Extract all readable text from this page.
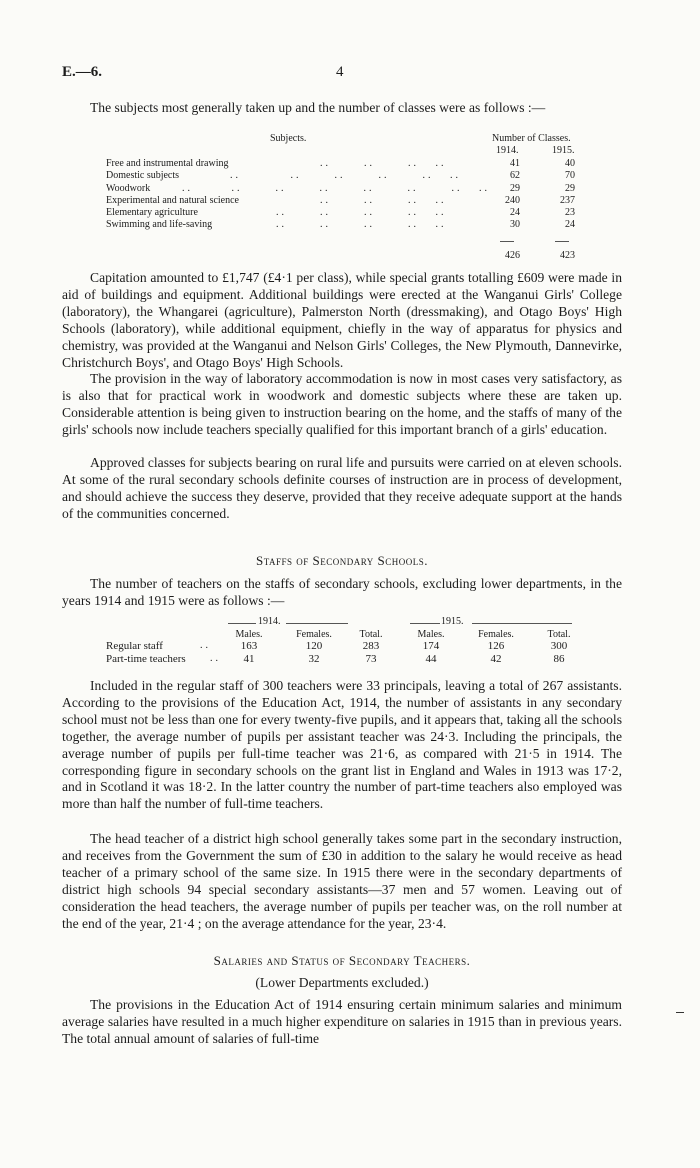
E.—6.	4

The subjects most generally taken up and the number of classes were as follows :—

Subjects.	Number of Classes.
1914.	1915.
Free and instrumental drawing	..      ..      ..   ..	41	40
Domestic subjects	..         ..      ..      ..      ..   ..	62	70
Woodwork	..       ..      ..      ..      ..      ..      ..   ..	29	29
Experimental and natural science	..      ..      ..   ..	240	237
Elementary agriculture	..      ..      ..      ..   ..	24	23
Swimming and life-saving	..      ..      ..      ..   ..	30	24
426	423

Capitation amounted to £1,747 (£4·1 per class), while special grants totalling £609 were made in aid of buildings and equipment. Additional buildings were erected at the Wanganui Girls' College (laboratory), the Whangarei (agriculture), Palmerston North (dressmaking), and Otago Boys' High Schools (laboratory), while additional equipment, chiefly in the way of apparatus for physics and chemistry, was provided at the Wanganui and Nelson Girls' Colleges, the New Plymouth, Dannevirke, Christchurch Boys', and Otago Boys' High Schools.

The provision in the way of laboratory accommodation is now in most cases very satisfactory, as is also that for practical work in woodwork and domestic subjects where these are taken up. Considerable attention is being given to instruction bearing on the home, and the staffs of many of the girls' schools now include teachers specially qualified for this important branch of a girls' education.

Approved classes for subjects bearing on rural life and pursuits were carried on at eleven schools. At some of the rural secondary schools definite courses of instruction are in process of development, and should achieve the success they deserve, provided that they receive adequate support at the hands of the communities concerned.

Staffs of Secondary Schools.

The number of teachers on the staffs of secondary schools, excluding lower departments, in the years 1914 and 1915 were as follows :—

1914.	1915.
Males.	Females.	Total.	Males.	Females.	Total.
Regular staff	..	163	120	283	174	126	300
Part-time teachers ..	41	32	73	44	42	86

Included in the regular staff of 300 teachers were 33 principals, leaving a total of 267 assistants. According to the provisions of the Education Act, 1914, the number of assistants in any secondary school must not be less than one for every twenty-five pupils, and it appears that, taking all the schools together, the average number of pupils per assistant teacher was 24·3. Including the principals, the average number of pupils per full-time teacher was 21·6, as compared with 21·5 in 1914. The corresponding figure in secondary schools on the grant list in England and Wales in 1913 was 17·2, and in Scotland it was 18·2. In the latter country the number of part-time teachers also employed was more than half the number of full-time teachers.

The head teacher of a district high school generally takes some part in the secondary instruction, and receives from the Government the sum of £30 in addition to the salary he would receive as head teacher of a primary school of the same size. In 1915 there were in the secondary departments of district high schools 94 special secondary assistants—37 men and 57 women. Leaving out of consideration the head teachers, the average number of pupils per teacher was, on the roll number at the end of the year, 21·4 ; on the average attendance for the year, 23·4.

Salaries and Status of Secondary Teachers.

(Lower Departments excluded.)

The provisions in the Education Act of 1914 ensuring certain minimum salaries and minimum average salaries have resulted in a much higher expenditure on salaries in 1915 than in previous years. The total annual amount of salaries of full-time
